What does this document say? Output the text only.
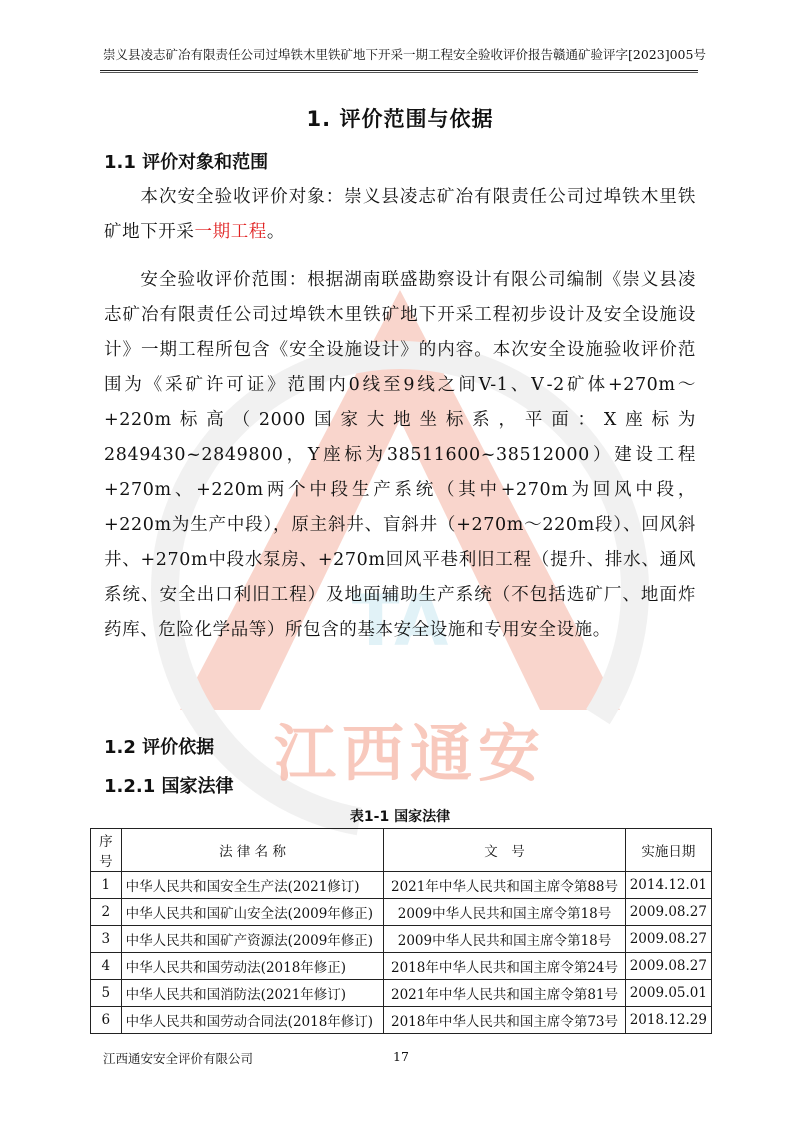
TA
江西通安
崇义县凌志矿冶有限责任公司过埠铁木里铁矿地下开采一期工程安全验收评价报告 赣通矿验评字[2023]005号
1. 评价范围与依据
1.1 评价对象和范围
本次安全验收评价对象：崇义县凌志矿冶有限责任公司过埠铁木里铁矿地下开采一期工程。
安全验收评价范围：根据湖南联盛勘察设计有限公司编制《崇义县凌志矿冶有限责任公司过埠铁木里铁矿地下开采工程初步设计及安全设施设计》一期工程所包含《安全设施设计》的内容。本次安全设施验收评价范围为《采矿许可证》范围内0线至9线之间V-1、Ⅴ-2矿体+270m～+220m标高（2000国家大地坐标系，平面：X座标为2849430~2849800，Y座标为38511600~38512000）建设工程+270m、+220m两个中段生产系统（其中+270m为回风中段，+220m为生产中段），原主斜井、盲斜井（+270m～220m段）、回风斜井、+270m中段水泵房、+270m回风平巷利旧工程（提升、排水、通风系统、安全出口利旧工程）及地面辅助生产系统（不包括选矿厂、地面炸药库、危险化学品等）所包含的基本安全设施和专用安全设施。
1.2 评价依据
1.2.1 国家法律
表1-1 国家法律
序号	法 律 名 称	文　号	实施日期
1	中华人民共和国安全生产法(2021修订)	2021年中华人民共和国主席令第88号	2014.12.01
2	中华人民共和国矿山安全法(2009年修正)	2009中华人民共和国主席令第18号	2009.08.27
3	中华人民共和国矿产资源法(2009年修正)	2009中华人民共和国主席令第18号	2009.08.27
4	中华人民共和国劳动法(2018年修正)	2018年中华人民共和国主席令第24号	2009.08.27
5	中华人民共和国消防法(2021年修订)	2021年中华人民共和国主席令第81号	2009.05.01
6	中华人民共和国劳动合同法(2018年修订)	2018年中华人民共和国主席令第73号	2018.12.29
江西通安安全评价有限公司	17
